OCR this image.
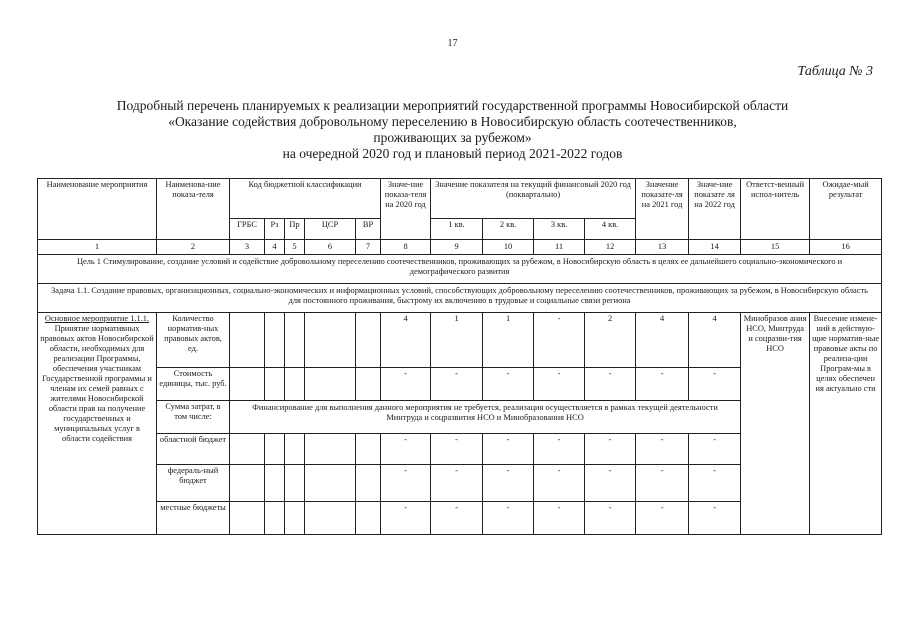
17
Таблица № 3
Подробный перечень планируемых к реализации мероприятий государственной программы Новосибирской области
«Оказание содействия добровольному переселению в Новосибирскую область соотечественников,
проживающих за рубежом»
на очередной 2020 год и плановый период 2021-2022 годов
Наименование мероприятия	Наименова-ние показа-теля	Код бюджетной классификации					Значе-ние показа-теля на 2020 год	Значение показателя на текущий финансовый 2020 год (поквартально)				Значение показате-ля на 2021 год	Значе-ние показате ля на 2022 год	Ответст-венный испол-нитель	Ожидае-мый результат
		ГРБС	Рз	Пр	ЦСР	ВР		1 кв.	2 кв.	3 кв.	4 кв.				
1	2	3	4	5	6	7	8	9	10	11	12	13	14	15	16
Цель 1 Стимулирование, создание условий и содействие добровольному переселению соотечественников, проживающих за рубежом, в Новосибирскую область в целях ее дальнейшего социально-экономического и демографического развития															
Задача 1.1. Создание правовых, организационных, социально-экономических и информационных условий, способствующих добровольному переселению соотечественников, проживающих за рубежом, в Новосибирскую область для постоянного проживания, быстрому их включению в трудовые и социальные связи региона															
Основное мероприятие 1.1.1.
Принятие нормативных правовых актов Новосибирской области, необходимых для реализации Программы, обеспечения участникам Государственной программы и членам их семей равных с жителями Новосибирской области прав на получение государственных и муниципальных услуг в области содействия	Количество норматив-ных правовых актов, ед.						4	1	1	-	2	4	4	Минобразов ания НСО, Минтруда и соцразви-тия НСО	Внесение измене-ний в действую-щие норматив-ные правовые акты по реализа-ции Програм-мы в целях обеспечен ия актуально сти
	Стоимость единицы, тыс. руб.						-	-	-	-	-	-	-		
	Сумма затрат, в том числе:	Финансирование для выполнения данного мероприятия не требуется, реализация осуществляется в рамках текущей деятельности Минтруда и соцразвития НСО и Минобразования НСО													
	областной бюджет						-	-	-	-	-	-	-		
	федераль-ный бюджет						-	-	-	-	-	-	-		
	местные бюджеты						-	-	-	-	-	-	-		
